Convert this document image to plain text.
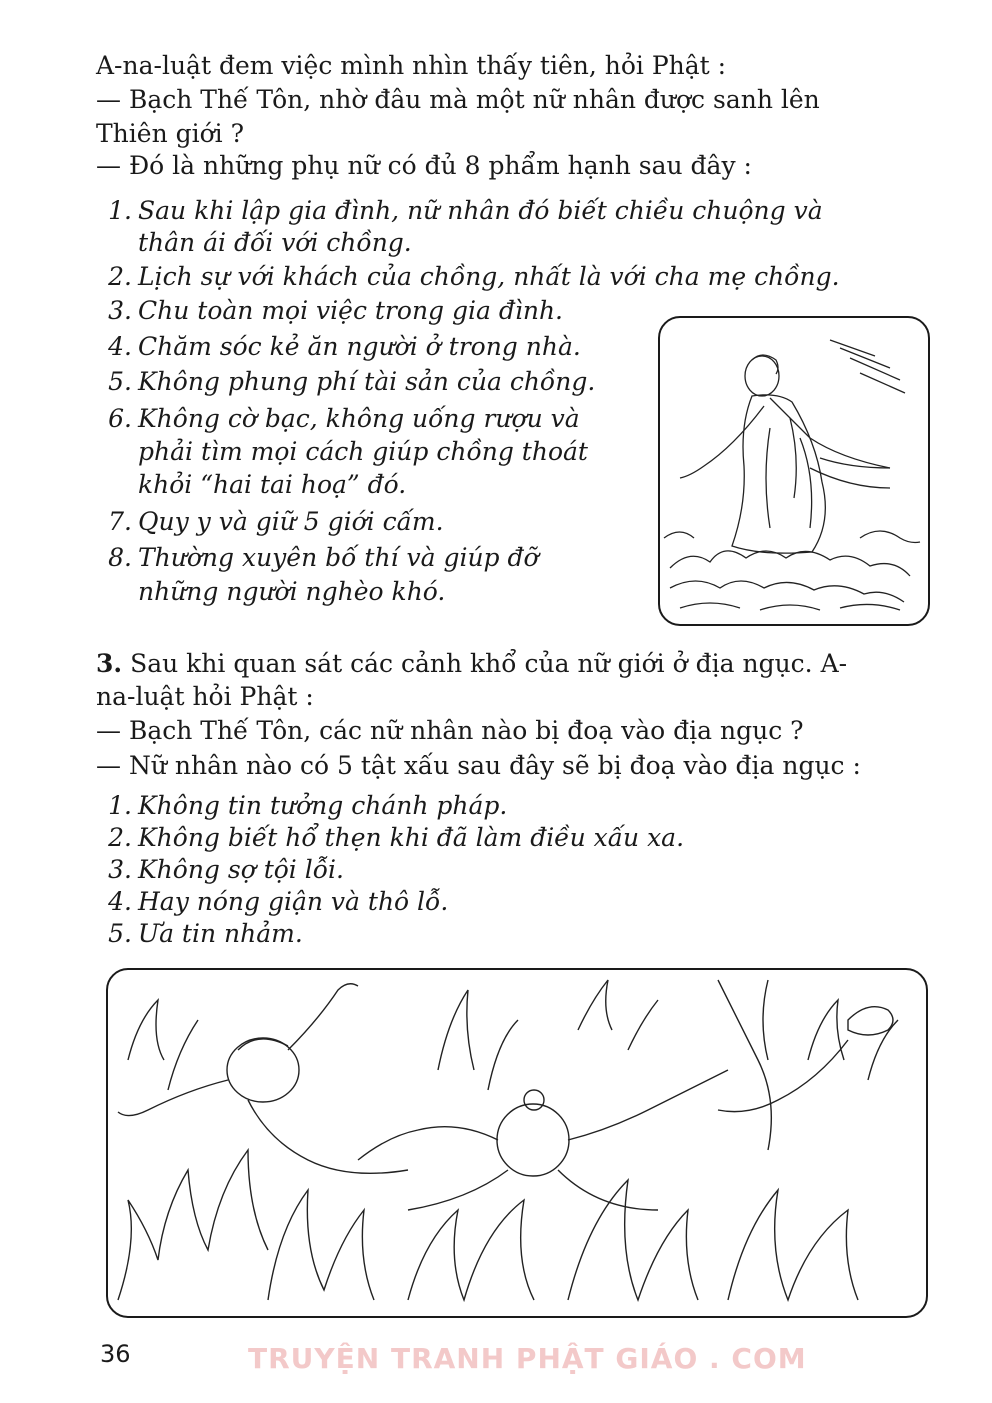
A-na-luật đem việc mình nhìn thấy tiên, hỏi Phật :

— Bạch Thế Tôn, nhờ đâu mà một nữ nhân được sanh lên

Thiên giới ?

— Đó là những phụ nữ có đủ 8 phẩm hạnh sau đây :

1. Sau khi lập gia đình, nữ nhân đó biết chiều chuộng và

thân ái đối với chồng.

2. Lịch sự với khách của chồng, nhất là với cha mẹ chồng.

3. Chu toàn mọi việc trong gia đình.

4. Chăm sóc kẻ ăn người ở trong nhà.

5. Không phung phí tài sản của chồng.

6. Không cờ bạc, không uống rượu và

phải tìm mọi cách giúp chồng thoát

khỏi “hai tai hoạ” đó.

7. Quy y và giữ 5 giới cấm.

8. Thường xuyên bố thí và giúp đỡ

những người nghèo khó.

3. Sau khi quan sát các cảnh khổ của nữ giới ở địa ngục. A-

na-luật hỏi Phật :

— Bạch Thế Tôn, các nữ nhân nào bị đoạ vào địa ngục ?

— Nữ nhân nào có 5 tật xấu sau đây sẽ bị đoạ vào địa ngục :

1. Không tin tưởng chánh pháp.

2. Không biết hổ thẹn khi đã làm điều xấu xa.

3. Không sợ tội lỗi.

4. Hay nóng giận và thô lỗ.

5. Ưa tin nhảm.

36	TRUYỆN TRANH PHẬT GIÁO . COM
